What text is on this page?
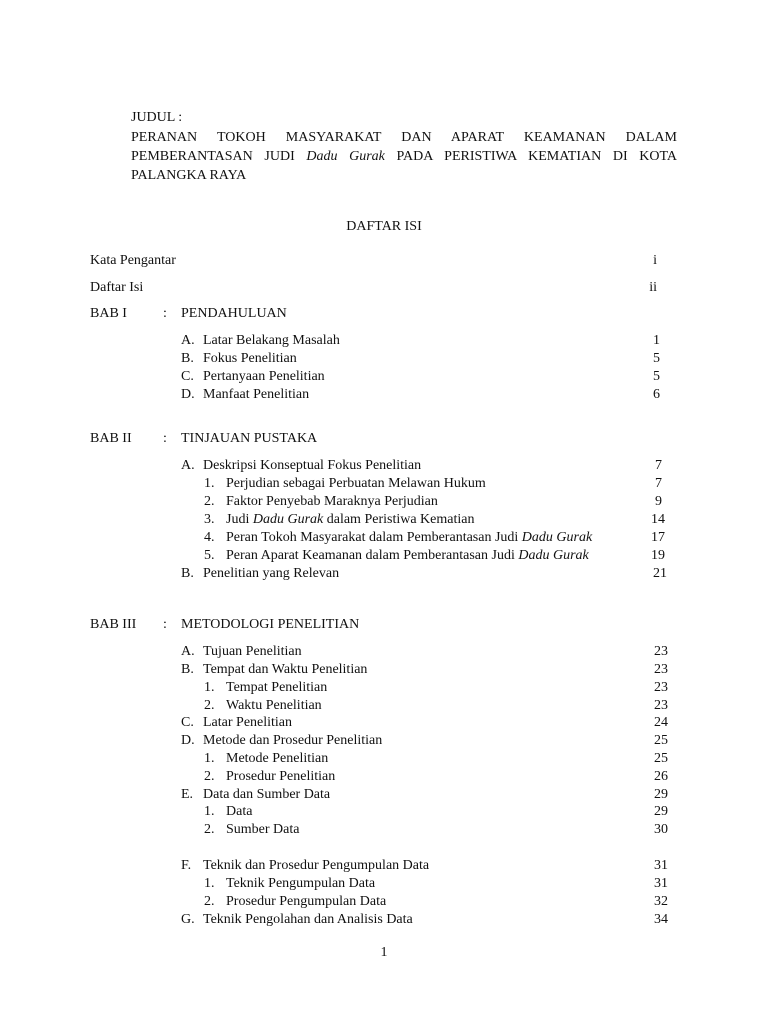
JUDUL :
PERANAN TOKOH MASYARAKAT DAN APARAT KEAMANAN DALAM
PEMBERANTASAN JUDI Dadu Gurak PADA PERISTIWA KEMATIAN DI KOTA
PALANGKA RAYA
DAFTAR ISI
Kata Pengantar	i
Daftar Isi	ii
BAB I	: PENDAHULUAN
A. Latar Belakang Masalah	1
B. Fokus Penelitian	5
C. Pertanyaan Penelitian	5
D. Manfaat Penelitian	6
BAB II : TINJAUAN PUSTAKA
A. Deskripsi Konseptual Fokus Penelitian	7
1. Perjudian sebagai Perbuatan Melawan Hukum	7
2. Faktor Penyebab Maraknya Perjudian	9
3. Judi Dadu Gurak dalam Peristiwa Kematian	14
4. Peran Tokoh Masyarakat dalam Pemberantasan Judi Dadu Gurak	17
5. Peran Aparat Keamanan dalam Pemberantasan Judi Dadu Gurak	19
B. Penelitian yang Relevan	21
BAB III : METODOLOGI PENELITIAN
A. Tujuan Penelitian	23
B. Tempat dan Waktu Penelitian	23
1. Tempat Penelitian	23
2. Waktu Penelitian	23
C. Latar Penelitian	24
D. Metode dan Prosedur Penelitian	25
1. Metode Penelitian	25
2. Prosedur Penelitian	26
E. Data dan Sumber Data	29
1. Data	29
2. Sumber Data	30
F. Teknik dan Prosedur Pengumpulan Data	31
1. Teknik Pengumpulan Data	31
2. Prosedur Pengumpulan Data	32
G. Teknik Pengolahan dan Analisis Data	34
1
